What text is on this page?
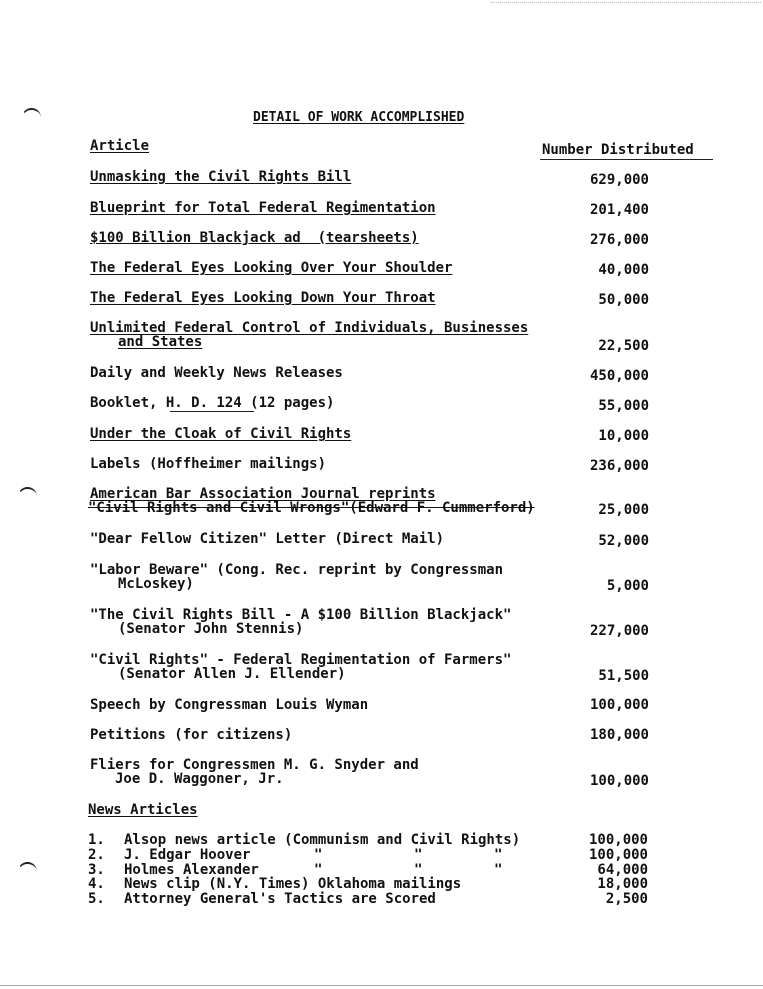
DETAIL OF WORK ACCOMPLISHED
Article	Number Distributed
Unmasking the Civil Rights Bill	629,000
Blueprint for Total Federal Regimentation	201,400
$100 Billion Blackjack ad  (tearsheets)	276,000
The Federal Eyes Looking Over Your Shoulder	40,000
The Federal Eyes Looking Down Your Throat	50,000
Unlimited Federal Control of Individuals, Businesses
and States	22,500
Daily and Weekly News Releases	450,000
Booklet, H. D. 124 (12 pages)	55,000
Under the Cloak of Civil Rights	10,000
Labels (Hoffheimer mailings)	236,000
American Bar Association Journal reprints
"Civil Rights and Civil Wrongs"(Edward F. Cummerford)	25,000
"Dear Fellow Citizen" Letter (Direct Mail)	52,000
"Labor Beware" (Cong. Rec. reprint by Congressman
McLoskey)	5,000
"The Civil Rights Bill - A $100 Billion Blackjack"
(Senator John Stennis)	227,000
"Civil Rights" - Federal Regimentation of Farmers"
(Senator Allen J. Ellender)	51,500
Speech by Congressman Louis Wyman	100,000
Petitions (for citizens)	180,000
Fliers for Congressmen M. G. Snyder and
Joe D. Waggoner, Jr.	100,000
News Articles
1. Alsop news article (Communism and Civil Rights)	100,000
2. J. Edgar Hoover	"	"	"	100,000
3. Holmes Alexander	"	"	"	64,000
4. News clip (N.Y. Times) Oklahoma mailings	18,000
5. Attorney General's Tactics are Scored	2,500
